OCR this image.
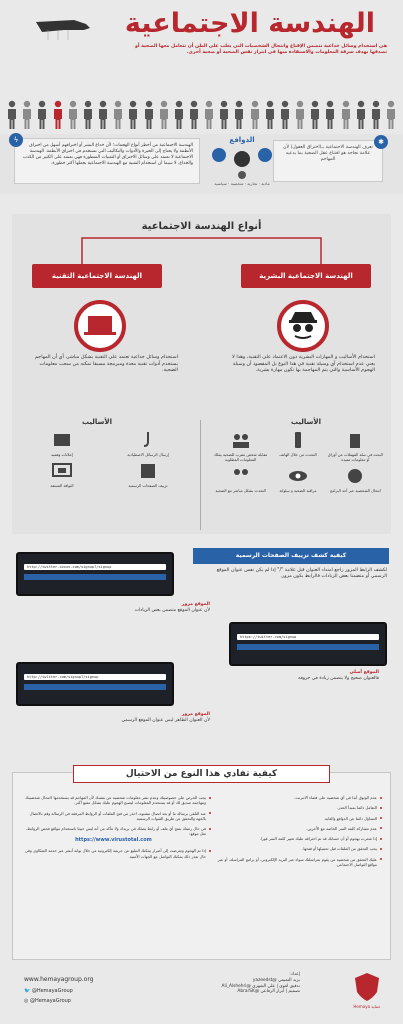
الهندسة الاجتماعية
هي استخدام وسائل خداعية تتضمن الإقناع وانتحال الشخصيات التي يغلب على الظن أن تتعامل معها الضحية أو تصدقها بهدف سرقة المعلومات والاستفادة منها في ابتزاز نفس الضحية أو ضحية أخرى.
✱
تعرف الهندسة الاجتماعية بـ(اختراق العقول) لأن علامة نجاحه هو اقتناع عقل الضحية بما يدعيه المهاجم
الدوافع
مادية · تجارية · شخصية · سياسية
ϟ
الهندسة الاجتماعية من أخطر أنواع الهجمات؛ لأن خداع البشر أو اختراقهم أسهل من اختراق الأنظمة ولا يحتاج إلى الخبرة والأدوات والتكاليف التي تستخدم في اختراق الأنظمة. الهندسة الاجتماعية لا تعتمد على وسائل الاختراق أو التقنيات المتطورة فهي تعتمد على الكثير من الكذب والخداع، لا سيما أن استخدام التقنية مع الهندسة الاجتماعية يجعلها أكثر خطورة.
أنواع الهندسة الاجتماعية
الهندسة الاجتماعية البشرية
الهندسة الاجتماعية التقنية
استخدام الأساليب و المهارات البشرية دون الاعتماد على التقنية، وهذا لا يعني عدم استخدام أي وسيلة تقنية في هذا النوع بل المقصود أن وسيلة الهجوم الأساسية والتي يتم المهاجمة بها تكون مهارة بشرية.
استخدام وسائل خداعية تعتمد على التقنية بشكل مباشر، أي أن المهاجم يستخدم أدوات تقنية معدة ومبرمجة مسبقا تمكنه من سحب معلومات الضحية.
الأساليب
الأساليب
البحث في سلة المهملات عن أوراق أو معلومات مفيدة
التحدث من خلال الهاتف
مقابلة شخص مقرب للضحية يملك المعلومات المطلوبة
انتحال الشخصية عبر أحد البرامج
مراقبة الضحية و سلوكه
التحدث بشكل مباشر مع الضحية
إرسال الرسائل الاصطيادية
إعلانات وهمية
تزييف الصفحات الرسمية
النوافذ المنبثقة
كيفية كشف تزييف الصفحات الرسمية
لكشف الرابط المزور راجع امتداد العنوان قبل علامة "/" إذا لم يكن نفس عنوان الموقع الرسمي أو متضمنا بعض الزيادات فالرابط يكون مزور.
http://twitter.xxxxx.com/signup?/signup
الموقع مزور
لأن عنوان الموقع متضمن بعض الزيادات
https://twitter.com/signup
الموقع أصلي
فالعنوان صحيح ولا يتضمن زيادة في حروفه
http://twltter.com/signup?/signup
الموقع مزور
لأن العنوان الظاهر ليس عنوان الموقع الرسمي
كيفية تفادي هذا النوع من الاحتيال
عدم الوثوق أبدا في أي شخصية على فضاء الانترنت.
التعامل دائما بمبدأ الحذر.
التساؤل دائما عن الدوافع والغاية.
عدم مشاركة كلمة السر الخاصة مع الآخرين.
إذا شعرت بهجوم أو أن حسابك قد تم اختراقه عليك تغيير كلمة السر فورا.
يجب التحقق من الملفات قبل تحميلها أو فتحها.
عليك التحقق من شخصية من يقوم بمراسلتك سواء عبر البريد الإلكتروني، أو برامج المراسلة، أو عبر مواقع التواصل الاجتماعي.
يجب الحرص على خصوصيتك وعدم نشر معلومات شخصية عن نفسك لأن المهاجم قد يستخدمها لانتحال شخصيتك ومهاجمة صديق لك أو قد يستخدم المعلومات ليصبح الهجوم عليك بشكل مقنع أكثر.
عند التلقي برسالة ما أو بعد اتصال مشبوه، احذر من فتح الملفات أو الروابط المرفقة في الرسالة وقم بالاتصال بالجهة والتحقق عن طريق القنوات الرسمية.
في حال رغبتك بفتح أي ملف أو رابط يصلك في بريدك ولا تتأكد من أنه ليس خبيثا باستخدام مواقع فحص الروابط، مثل موقع:
https://www.virustotal.com
إذا تم الهجوم وتعرضت إلى أضرار يمكنك التبليغ عن جريمة إلكترونية من خلال بوابة أبشر عبر خدمة الشكاوى وفي حال تعذر ذلك يمكنك التواصل مع الجهات الأمنية.
www.hemayagroup.org
🐦 @HemayaGroup
◎ @HemayaGroup
إعداد:
يزيد التميمي @yazeedst
تدقيق لغوي | علي الشهري @Ali_Alshehri
تصميم | أبرار الرفاعي @AbrarSK
حماية Hemaya
